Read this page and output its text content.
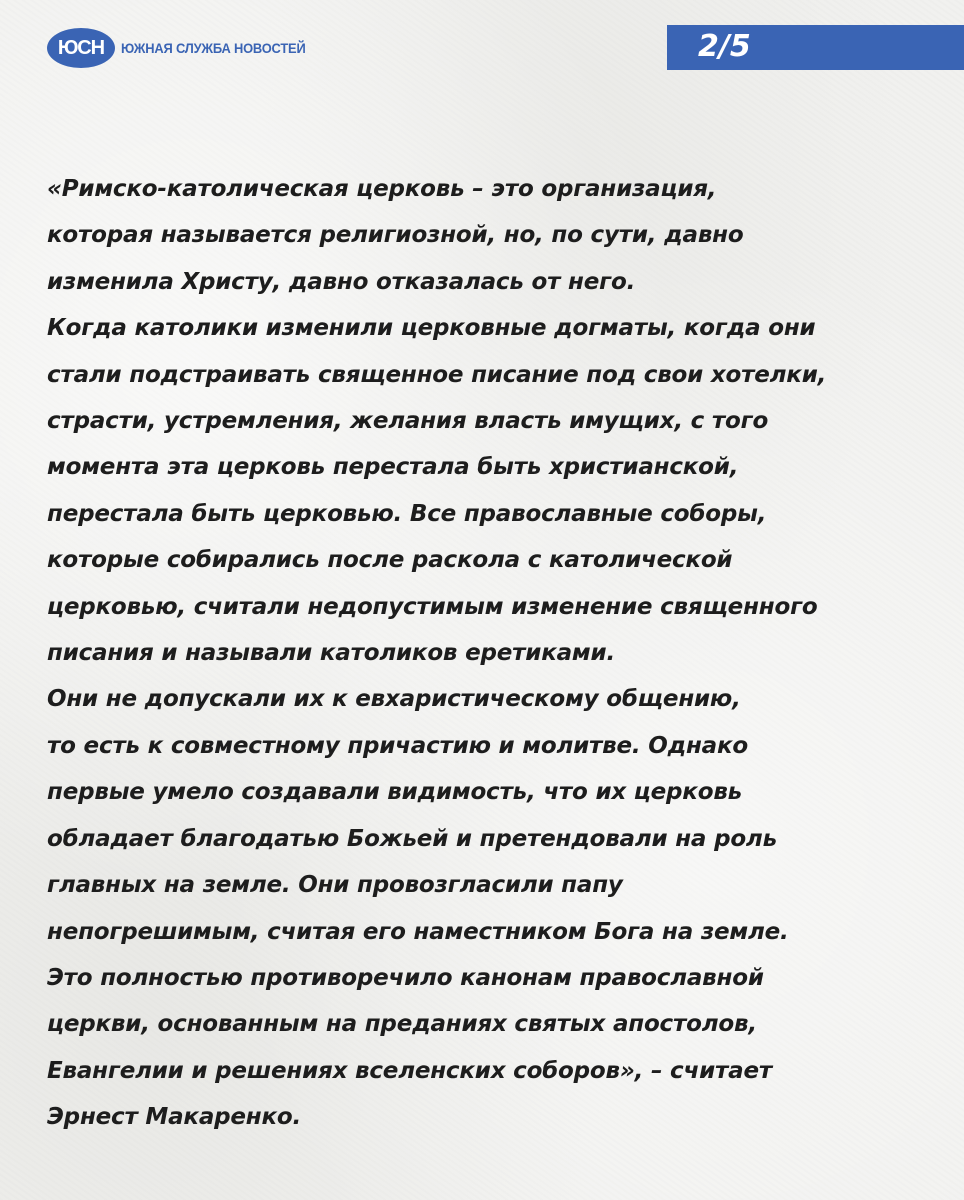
ЮСН ЮЖНАЯ СЛУЖБА НОВОСТЕЙ	2/5
«Римско-католическая церковь – это организация,
которая называется религиозной, но, по сути, давно
изменила Христу, давно отказалась от него.
Когда католики изменили церковные догматы, когда они
стали подстраивать священное писание под свои хотелки,
страсти, устремления, желания власть имущих, с того
момента эта церковь перестала быть христианской,
перестала быть церковью. Все православные соборы,
которые собирались после раскола с католической
церковью, считали недопустимым изменение священного
писания и называли католиков еретиками.
Они не допускали их к евхаристическому общению,
то есть к совместному причастию и молитве. Однако
первые умело создавали видимость, что их церковь
обладает благодатью Божьей и претендовали на роль
главных на земле. Они провозгласили папу
непогрешимым, считая его наместником Бога на земле.
Это полностью противоречило канонам православной
церкви, основанным на преданиях святых апостолов,
Евангелии и решениях вселенских соборов», – считает
Эрнест Макаренко.
